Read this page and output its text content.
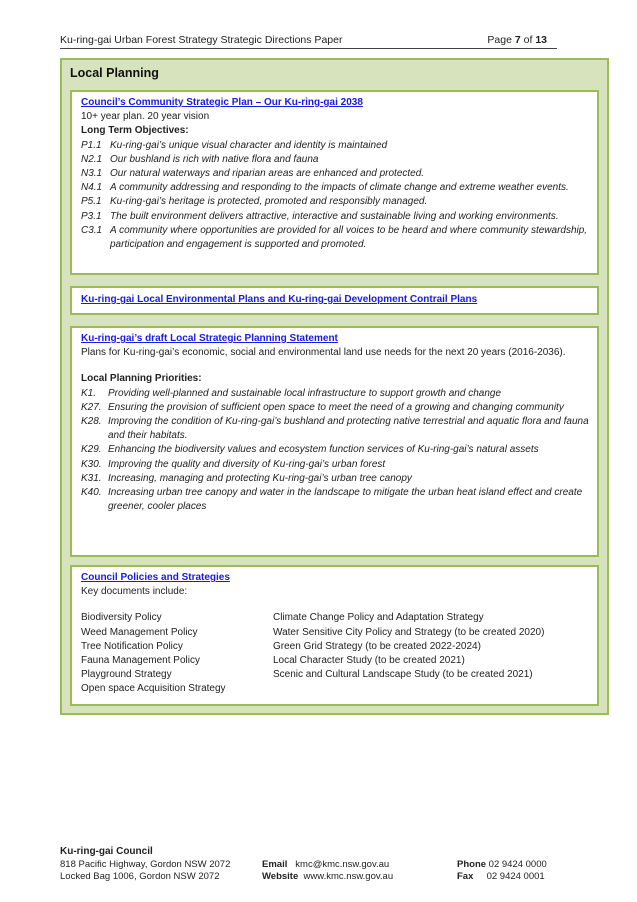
Ku-ring-gai Urban Forest Strategy Strategic Directions Paper	Page 7 of 13
Local Planning
Council’s Community Strategic Plan – Our Ku-ring-gai 2038
10+ year plan. 20 year vision
Long Term Objectives:
P1.1 Ku-ring-gai’s unique visual character and identity is maintained
N2.1 Our bushland is rich with native flora and fauna
N3.1 Our natural waterways and riparian areas are enhanced and protected.
N4.1 A community addressing and responding to the impacts of climate change and extreme weather events.
P5.1 Ku-ring-gai’s heritage is protected, promoted and responsibly managed.
P3.1 The built environment delivers attractive, interactive and sustainable living and working environments.
C3.1 A community where opportunities are provided for all voices to be heard and where community stewardship, participation and engagement is supported and promoted.
Ku-ring-gai Local Environmental Plans and Ku-ring-gai Development Contrail Plans
Ku-ring-gai’s draft Local Strategic Planning Statement
Plans for Ku-ring-gai’s economic, social and environmental land use needs for the next 20 years (2016-2036).
Local Planning Priorities:
K1. Providing well-planned and sustainable local infrastructure to support growth and change
K27. Ensuring the provision of sufficient open space to meet the need of a growing and changing community
K28. Improving the condition of Ku-ring-gai’s bushland and protecting native terrestrial and aquatic flora and fauna and their habitats.
K29. Enhancing the biodiversity values and ecosystem function services of Ku-ring-gai’s natural assets
K30. Improving the quality and diversity of Ku-ring-gai’s urban forest
K31. Increasing, managing and protecting Ku-ring-gai’s urban tree canopy
K40. Increasing urban tree canopy and water in the landscape to mitigate the urban heat island effect and create greener, cooler places
Council Policies and Strategies
Key documents include:
Biodiversity Policy
Weed Management Policy
Tree Notification Policy
Fauna Management Policy
Playground Strategy
Open space Acquisition Strategy
Climate Change Policy and Adaptation Strategy
Water Sensitive City Policy and Strategy (to be created 2020)
Green Grid Strategy (to be created 2022-2024)
Local Character Study (to be created 2021)
Scenic and Cultural Landscape Study (to be created 2021)
Ku-ring-gai Council
818 Pacific Highway, Gordon NSW 2072
Locked Bag 1006, Gordon NSW 2072
Email kmc@kmc.nsw.gov.au
Website www.kmc.nsw.gov.au
Phone 02 9424 0000
Fax 02 9424 0001
